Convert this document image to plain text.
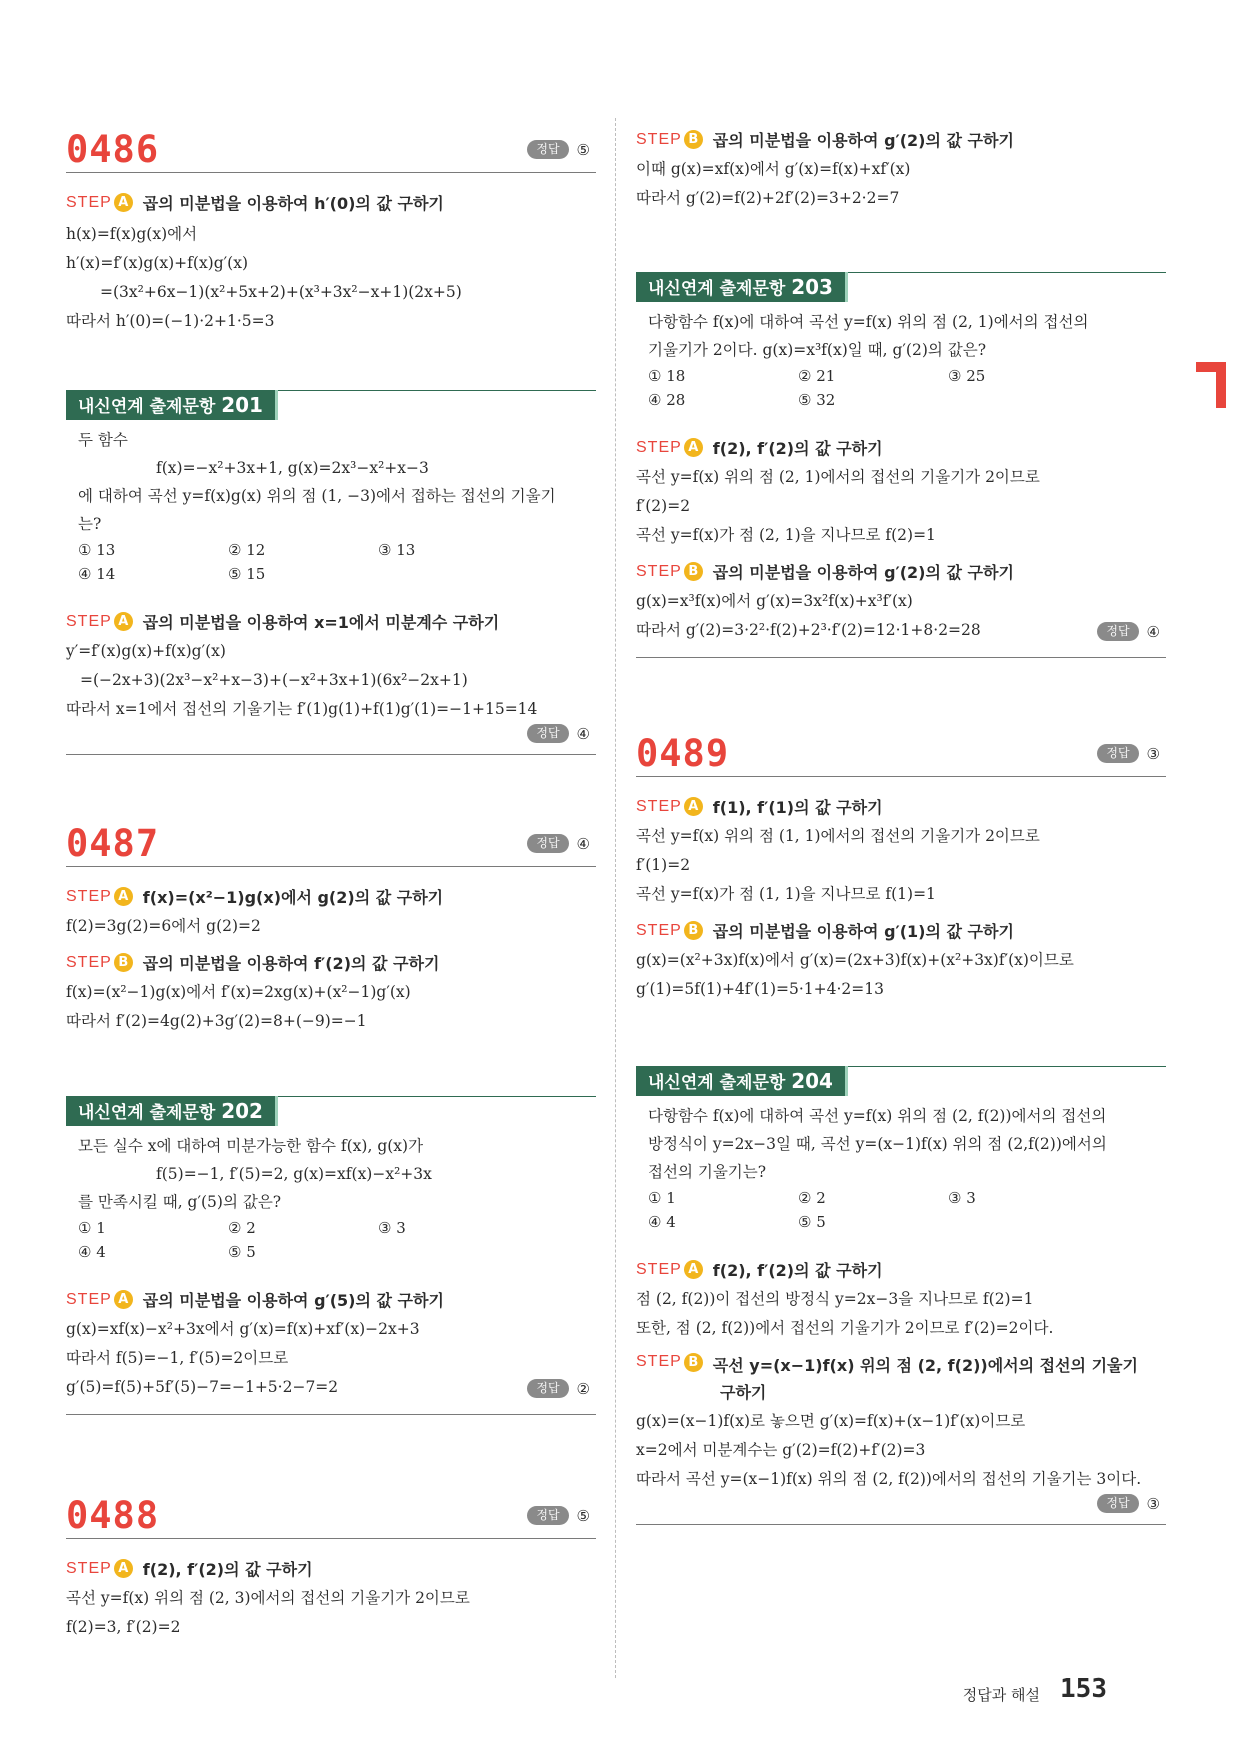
0486	정답	⑤
STEP A 곱의 미분법을 이용하여 h′(0)의 값 구하기
h(x)=f(x)g(x)에서
h′(x)=f′(x)g(x)+f(x)g′(x)
=(3x²+6x−1)(x²+5x+2)+(x³+3x²−x+1)(2x+5)
따라서 h′(0)=(−1)·2+1·5=3
내신연계 출제문항 201
두 함수
f(x)=−x²+3x+1, g(x)=2x³−x²+x−3
에 대하여 곡선 y=f(x)g(x) 위의 점 (1, −3)에서 접하는 접선의 기울기
는?
① 13	② 12	③ 13
④ 14	⑤ 15
STEP A 곱의 미분법을 이용하여 x=1에서 미분계수 구하기
y′=f′(x)g(x)+f(x)g′(x)
=(−2x+3)(2x³−x²+x−3)+(−x²+3x+1)(6x²−2x+1)
따라서 x=1에서 접선의 기울기는 f′(1)g(1)+f(1)g′(1)=−1+15=14
정답	④
0487	정답	④
STEP A f(x)=(x²−1)g(x)에서 g(2)의 값 구하기
f(2)=3g(2)=6에서 g(2)=2
STEP B 곱의 미분법을 이용하여 f′(2)의 값 구하기
f(x)=(x²−1)g(x)에서 f′(x)=2xg(x)+(x²−1)g′(x)
따라서 f′(2)=4g(2)+3g′(2)=8+(−9)=−1
내신연계 출제문항 202
모든 실수 x에 대하여 미분가능한 함수 f(x), g(x)가
f(5)=−1, f′(5)=2, g(x)=xf(x)−x²+3x
를 만족시킬 때, g′(5)의 값은?
① 1	② 2	③ 3
④ 4	⑤ 5
STEP A 곱의 미분법을 이용하여 g′(5)의 값 구하기
g(x)=xf(x)−x²+3x에서 g′(x)=f(x)+xf′(x)−2x+3
따라서 f(5)=−1, f′(5)=2이므로
g′(5)=f(5)+5f′(5)−7=−1+5·2−7=2	정답	②
0488	정답	⑤
STEP A f(2), f′(2)의 값 구하기
곡선 y=f(x) 위의 점 (2, 3)에서의 접선의 기울기가 2이므로
f(2)=3, f′(2)=2
STEP B 곱의 미분법을 이용하여 g′(2)의 값 구하기
이때 g(x)=xf(x)에서 g′(x)=f(x)+xf′(x)
따라서 g′(2)=f(2)+2f′(2)=3+2·2=7
내신연계 출제문항 203
다항함수 f(x)에 대하여 곡선 y=f(x) 위의 점 (2, 1)에서의 접선의
기울기가 2이다. g(x)=x³f(x)일 때, g′(2)의 값은?
① 18	② 21	③ 25
④ 28	⑤ 32
STEP A f(2), f′(2)의 값 구하기
곡선 y=f(x) 위의 점 (2, 1)에서의 접선의 기울기가 2이므로
f′(2)=2
곡선 y=f(x)가 점 (2, 1)을 지나므로 f(2)=1
STEP B 곱의 미분법을 이용하여 g′(2)의 값 구하기
g(x)=x³f(x)에서 g′(x)=3x²f(x)+x³f′(x)
따라서 g′(2)=3·2²·f(2)+2³·f′(2)=12·1+8·2=28	정답	④
0489	정답	③
STEP A f(1), f′(1)의 값 구하기
곡선 y=f(x) 위의 점 (1, 1)에서의 접선의 기울기가 2이므로
f′(1)=2
곡선 y=f(x)가 점 (1, 1)을 지나므로 f(1)=1
STEP B 곱의 미분법을 이용하여 g′(1)의 값 구하기
g(x)=(x²+3x)f(x)에서 g′(x)=(2x+3)f(x)+(x²+3x)f′(x)이므로
g′(1)=5f(1)+4f′(1)=5·1+4·2=13
내신연계 출제문항 204
다항함수 f(x)에 대하여 곡선 y=f(x) 위의 점 (2, f(2))에서의 접선의
방정식이 y=2x−3일 때, 곡선 y=(x−1)f(x) 위의 점 (2,f(2))에서의
접선의 기울기는?
① 1	② 2	③ 3
④ 4	⑤ 5
STEP A f(2), f′(2)의 값 구하기
점 (2, f(2))이 접선의 방정식 y=2x−3을 지나므로 f(2)=1
또한, 점 (2, f(2))에서 접선의 기울기가 2이므로 f′(2)=2이다.
STEP B 곡선 y=(x−1)f(x) 위의 점 (2, f(2))에서의 접선의 기울기
구하기
g(x)=(x−1)f(x)로 놓으면 g′(x)=f(x)+(x−1)f′(x)이므로
x=2에서 미분계수는 g′(2)=f(2)+f′(2)=3
따라서 곡선 y=(x−1)f(x) 위의 점 (2, f(2))에서의 접선의 기울기는 3이다.
정답	③
정답과 해설 153
